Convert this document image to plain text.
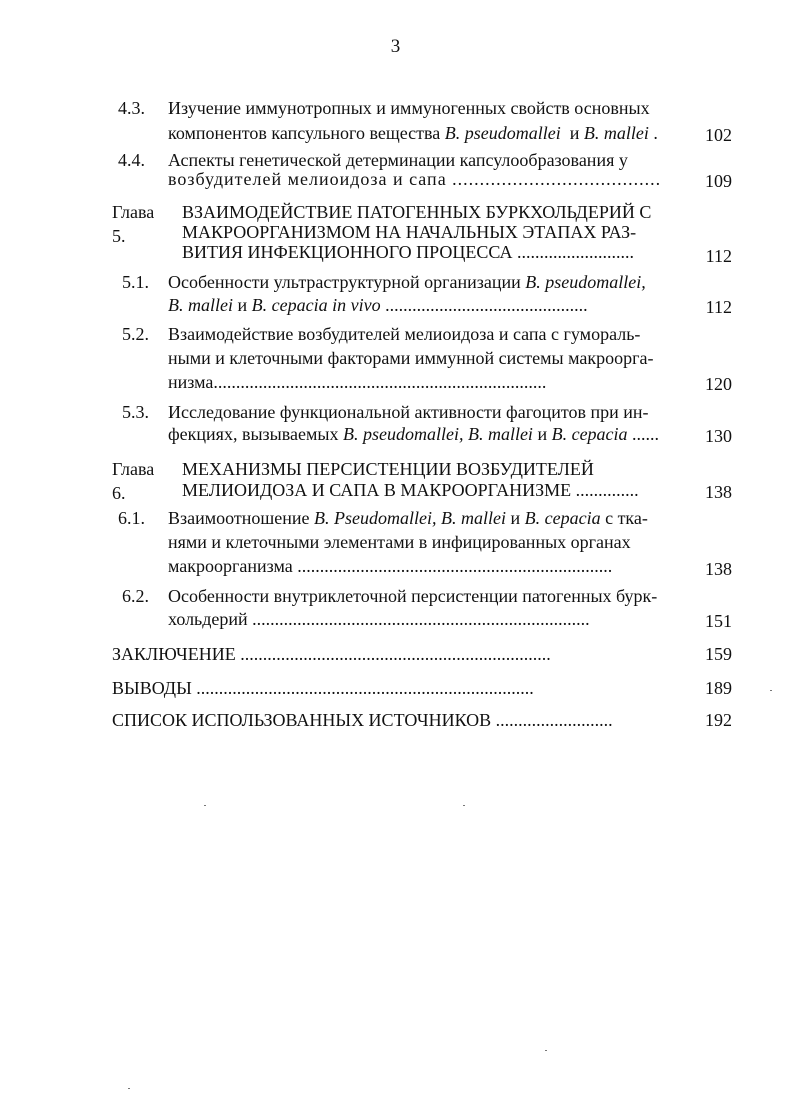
3
4.3. Изучение иммунотропных и иммуногенных свойств основных
компонентов капсульного вещества B. pseudomallei  и B. mallei .	102
4.4. Аспекты генетической детерминации капсулообразования у
возбудителей мелиоидоза и сапа ......................................	109
Глава 5.
ВЗАИМОДЕЙСТВИЕ ПАТОГЕННЫХ БУРКХОЛЬДЕРИЙ С
МАКРООРГАНИЗМОМ НА НАЧАЛЬНЫХ ЭТАПАХ РАЗ-
ВИТИЯ ИНФЕКЦИОННОГО ПРОЦЕССА ..........................	112
5.1. Особенности ультраструктурной организации B. pseudomallei,
B. mallei и B. cepacia in vivo .............................................	112
5.2. Взаимодействие возбудителей мелиоидоза и сапа с гумораль-
ными и клеточными факторами иммунной системы макроорга-
низма..........................................................................	120
5.3. Исследование функциональной активности фагоцитов при ин-
фекциях, вызываемых B. pseudomallei, B. mallei и B. cepacia ......	130
Глава 6.
МЕХАНИЗМЫ ПЕРСИСТЕНЦИИ ВОЗБУДИТЕЛЕЙ
МЕЛИОИДОЗА И САПА В МАКРООРГАНИЗМЕ ..............	138
6.1. Взаимоотношение B. Pseudomallei, B. mallei и B. cepacia с тка-
нями и клеточными элементами в инфицированных органах
макроорганизма ......................................................................	138
6.2. Особенности внутриклеточной персистенции патогенных бурк-
хольдерий ...........................................................................	151
ЗАКЛЮЧЕНИЕ .....................................................................	159
ВЫВОДЫ ...........................................................................	189
СПИСОК ИСПОЛЬЗОВАННЫХ ИСТОЧНИКОВ ..........................	192
